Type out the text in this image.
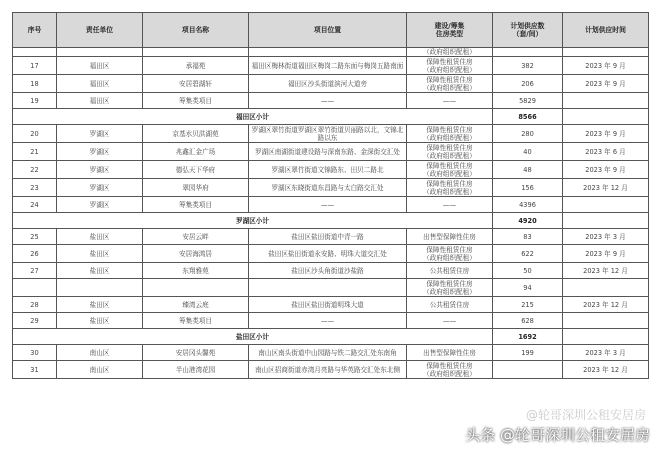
序号	责任单位	项目名称	项目位置	建设/筹集
住房类型	计划供应数
（套/间）	计划供应时间
				（政府组织配租）		
17	福田区	承福苑	福田区梅林街道福田区梅岗二路东面与梅岗五路南面	保障性租赁住房
（政府组织配租）	382	2023 年 9 月
18	福田区	安居碧湖轩	福田区沙头街道滨河大道旁	保障性租赁住房
（政府组织配租）	206	2023 年 9 月
19	福田区	筹集类项目	——	——	5829	
福田区小计					8566	
20	罗湖区	京基水贝洪湖苑	罗湖区翠竹街道罗湖区翠竹街道贝丽路以北，文锦北路以东	保障性租赁住房
（政府组织配租）	280	2023 年 9 月
21	罗湖区	兆鑫汇金广场	罗湖区南湖街道建设路与深南东路、金深街交汇处	保障性租赁住房
（政府组织配租）	40	2023 年 6 月
22	罗湖区	德弘天下华府	罗湖区翠竹街道文锦路东、田贝二路北	保障性租赁住房
（政府组织配租）	48	2023 年 9 月
23	罗湖区	翠园华府	罗湖区东晓街道东昌路与太白路交汇处	保障性租赁住房
（政府组织配租）	156	2023 年 12 月
24	罗湖区	筹集类项目	——	——	4396	
罗湖区小计					4920	
25	盐田区	安居云畔	盐田区盐田街道中青一路	出售型保障性住房	83	2023 年 3 月
26	盐田区	安居海鸿居	盐田区盐田街道永安路、明珠大道交汇处	保障性租赁住房
（政府组织配租）	622	2023 年 9 月
27	盐田区	东翔雅苑	盐田区沙头角街道沙盐路	公共租赁住房	50	2023 年 12 月
				保障性租赁住房
（政府组织配租）	94	
28	盐田区	臻湾云庭	盐田区盐田街道明珠大道	公共租赁住房	215	2023 年 12 月
29	盐田区	筹集类项目	——	——	628	
盐田区小计					1692	
30	南山区	安居冈头馨苑	南山区南头街道中山园路与铁二路交汇处东南角	出售型保障性住房	199	2023 年 3 月
31	南山区	半山港湾花园	南山区招商街道赤湾月亮路与华英路交汇处东北侧	保障性租赁住房
（政府组织配租）		2023 年 12 月
@轮哥深圳公租安居房
头条 @轮哥深圳公租安居房
